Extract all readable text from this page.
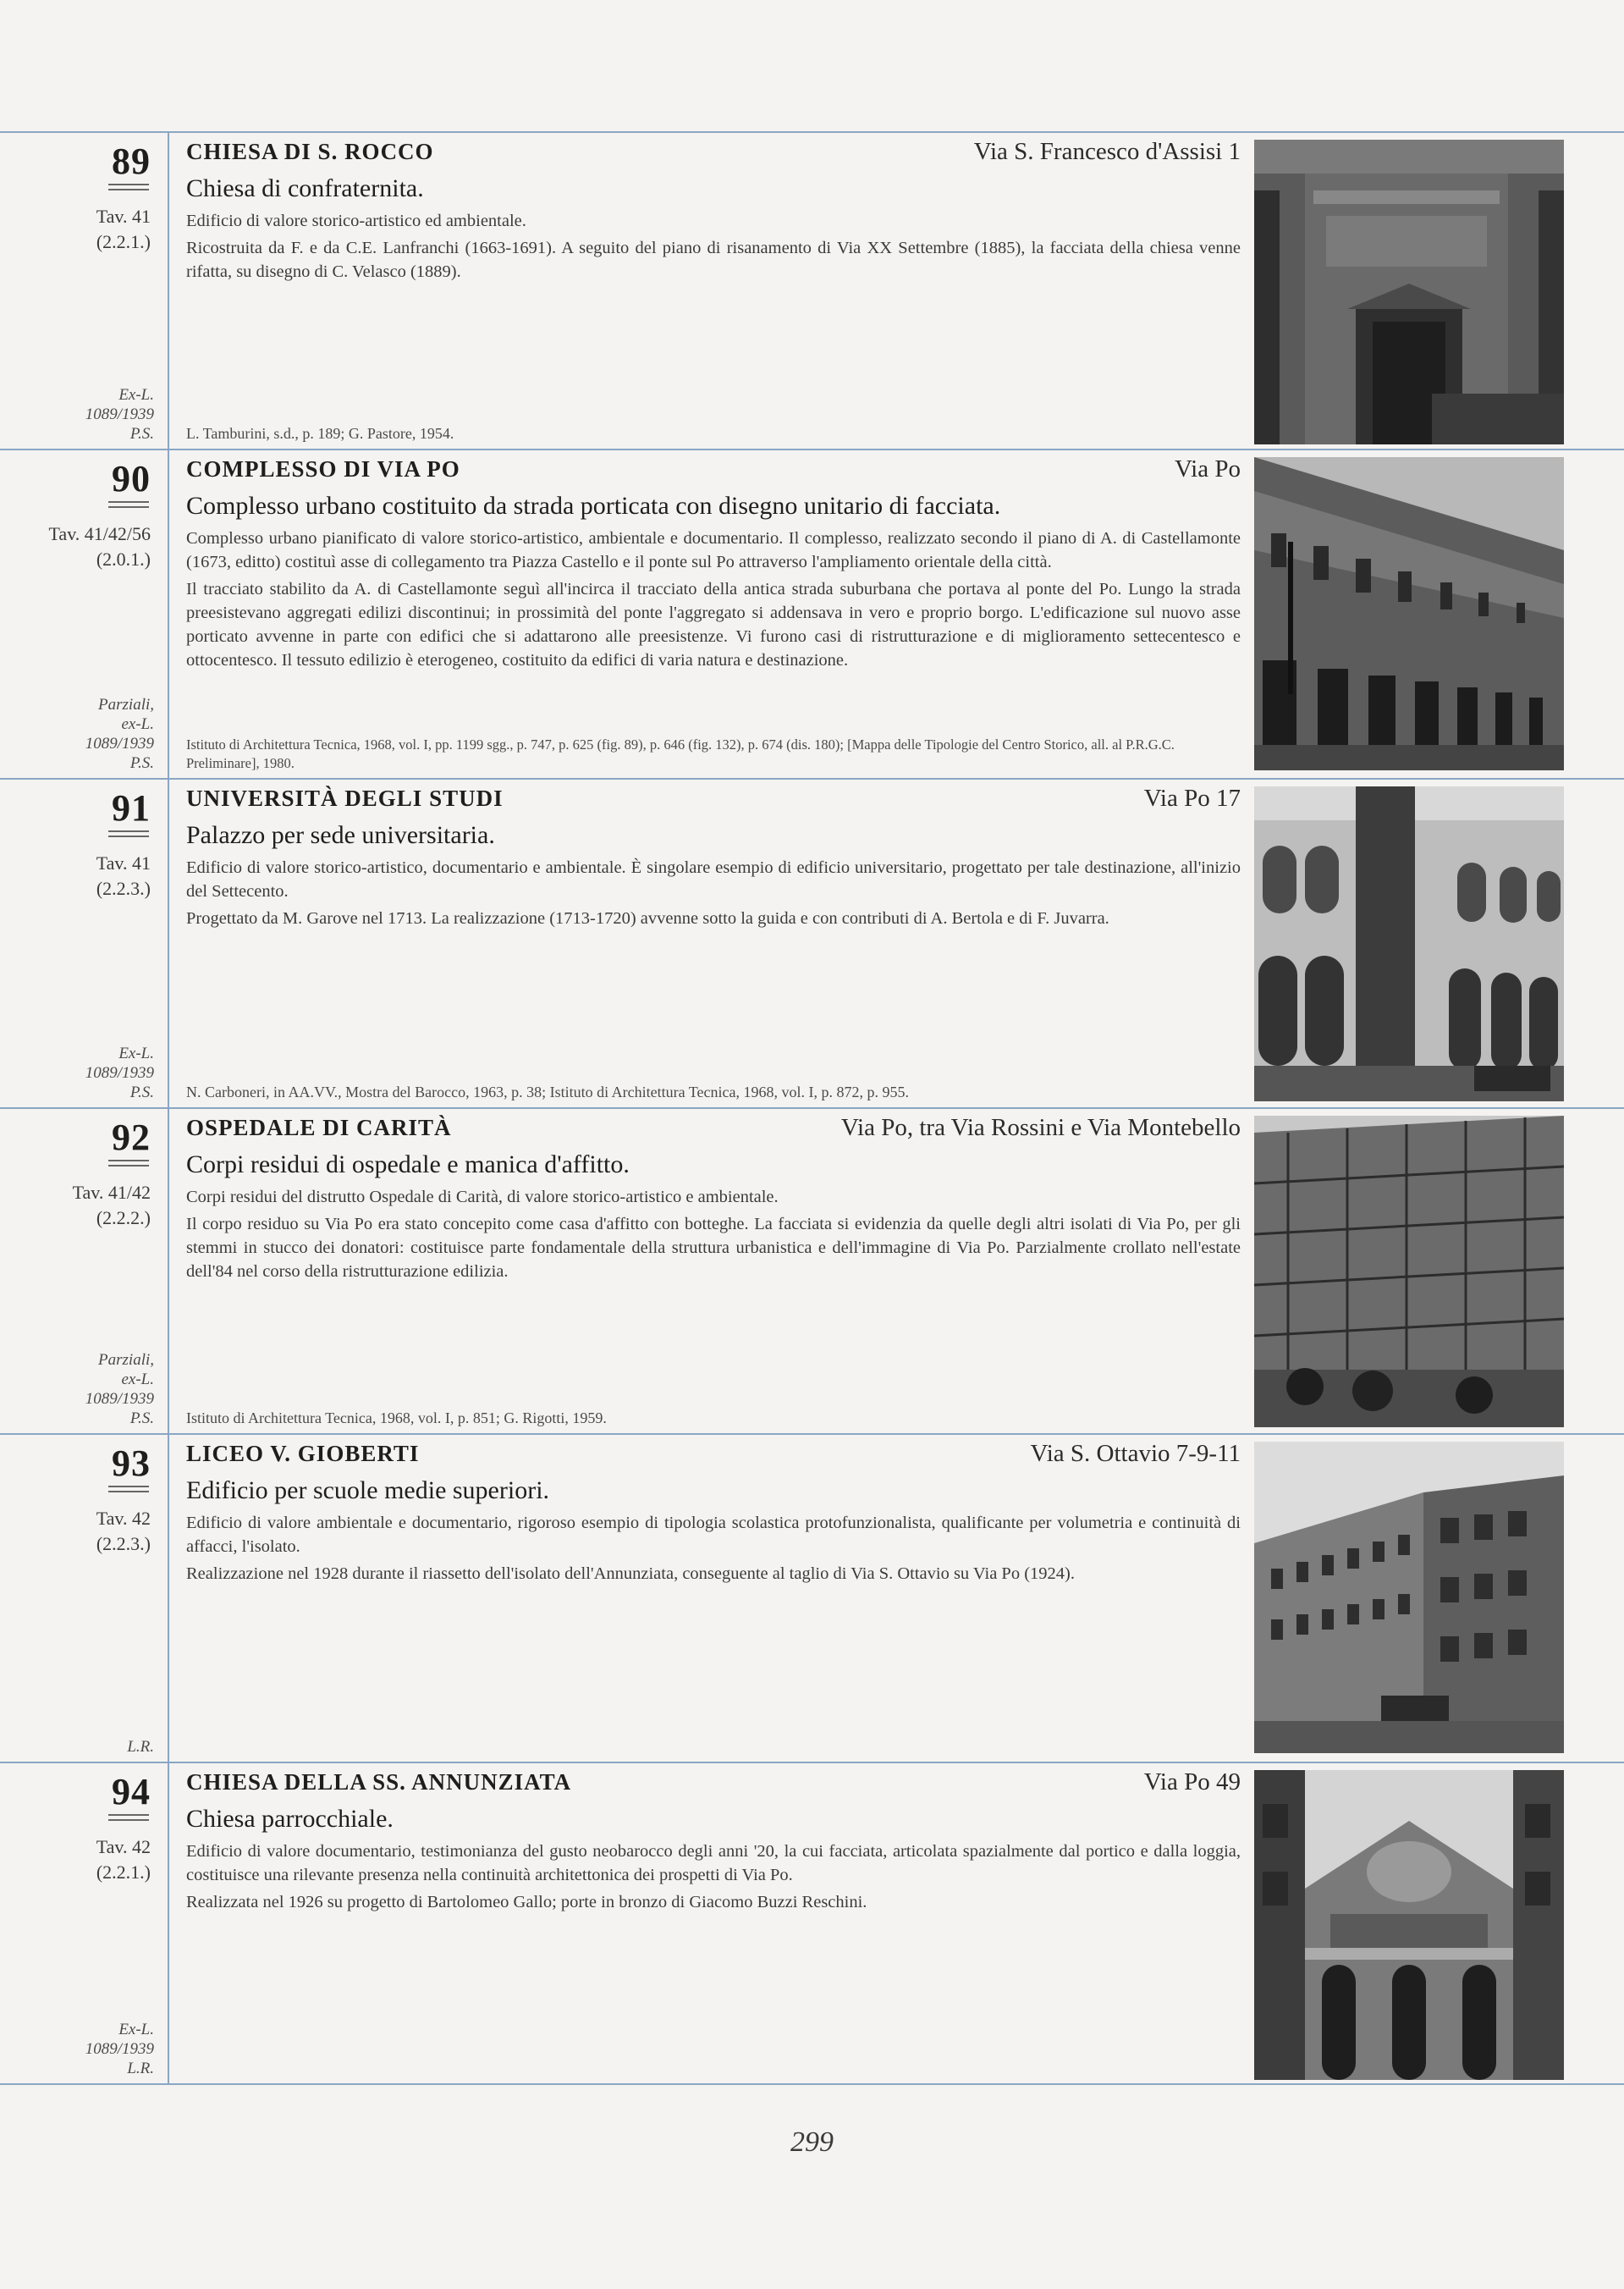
89
Tav. 41
(2.2.1.)
Ex-L.
1089/1939
P.S.
CHIESA DI S. ROCCO	Via S. Francesco d'Assisi 1
Chiesa di confraternita.

Edificio di valore storico-artistico ed ambientale.

Ricostruita da F. e da C.E. Lanfranchi (1663-1691). A seguito del piano di risanamento di Via XX Settembre (1885), la facciata della chiesa venne rifatta, su disegno di C. Velasco (1889).

L. Tamburini, s.d., p. 189; G. Pastore, 1954.
90
Tav. 41/42/56
(2.0.1.)
Parziali,
ex-L.
1089/1939
P.S.
COMPLESSO DI VIA PO	Via Po
Complesso urbano costituito da strada porticata con disegno unitario di facciata.

Complesso urbano pianificato di valore storico-artistico, ambientale e documentario. Il complesso, realizzato secondo il piano di A. di Castellamonte (1673, editto) costituì asse di collegamento tra Piazza Castello e il ponte sul Po attraverso l'ampliamento orientale della città.

Il tracciato stabilito da A. di Castellamonte seguì all'incirca il tracciato della antica strada suburbana che portava al ponte del Po. Lungo la strada preesistevano aggregati edilizi discontinui; in prossimità del ponte l'aggregato si addensava in vero e proprio borgo. L'edificazione sul nuovo asse porticato avvenne in parte con edifici che si adattarono alle preesistenze. Vi furono casi di ristrutturazione e di miglioramento settecentesco e ottocentesco. Il tessuto edilizio è eterogeneo, costituito da edifici di varia natura e destinazione.

Istituto di Architettura Tecnica, 1968, vol. I, pp. 1199 sgg., p. 747, p. 625 (fig. 89), p. 646 (fig. 132), p. 674 (dis. 180); [Mappa delle Tipologie del Centro Storico, all. al P.R.G.C. Preliminare], 1980.
91
Tav. 41
(2.2.3.)
Ex-L.
1089/1939
P.S.
UNIVERSITÀ DEGLI STUDI	Via Po 17
Palazzo per sede universitaria.

Edificio di valore storico-artistico, documentario e ambientale. È singolare esempio di edificio universitario, progettato per tale destinazione, all'inizio del Settecento.

Progettato da M. Garove nel 1713. La realizzazione (1713-1720) avvenne sotto la guida e con contributi di A. Bertola e di F. Juvarra.

N. Carboneri, in AA.VV., Mostra del Barocco, 1963, p. 38; Istituto di Architettura Tecnica, 1968, vol. I, p. 872, p. 955.
92
Tav. 41/42
(2.2.2.)
Parziali,
ex-L.
1089/1939
P.S.
OSPEDALE DI CARITÀ	Via Po, tra Via Rossini e Via Montebello
Corpi residui di ospedale e manica d'affitto.

Corpi residui del distrutto Ospedale di Carità, di valore storico-artistico e ambientale.

Il corpo residuo su Via Po era stato concepito come casa d'affitto con botteghe. La facciata si evidenzia da quelle degli altri isolati di Via Po, per gli stemmi in stucco dei donatori: costituisce parte fondamentale della struttura urbanistica e dell'immagine di Via Po. Parzialmente crollato nell'estate dell'84 nel corso della ristrutturazione edilizia.

Istituto di Architettura Tecnica, 1968, vol. I, p. 851; G. Rigotti, 1959.
93
Tav. 42
(2.2.3.)
L.R.
LICEO V. GIOBERTI	Via S. Ottavio 7-9-11
Edificio per scuole medie superiori.

Edificio di valore ambientale e documentario, rigoroso esempio di tipologia scolastica protofunzionalista, qualificante per volumetria e continuità di affacci, l'isolato.

Realizzazione nel 1928 durante il riassetto dell'isolato dell'Annunziata, conseguente al taglio di Via S. Ottavio su Via Po (1924).

94
Tav. 42
(2.2.1.)
Ex-L.
1089/1939
L.R.
CHIESA DELLA SS. ANNUNZIATA	Via Po 49
Chiesa parrocchiale.

Edificio di valore documentario, testimonianza del gusto neobarocco degli anni '20, la cui facciata, articolata spazialmente dal portico e dalla loggia, costituisce una rilevante presenza nella continuità architettonica dei prospetti di Via Po.

Realizzata nel 1926 su progetto di Bartolomeo Gallo; porte in bronzo di Giacomo Buzzi Reschini.

299
